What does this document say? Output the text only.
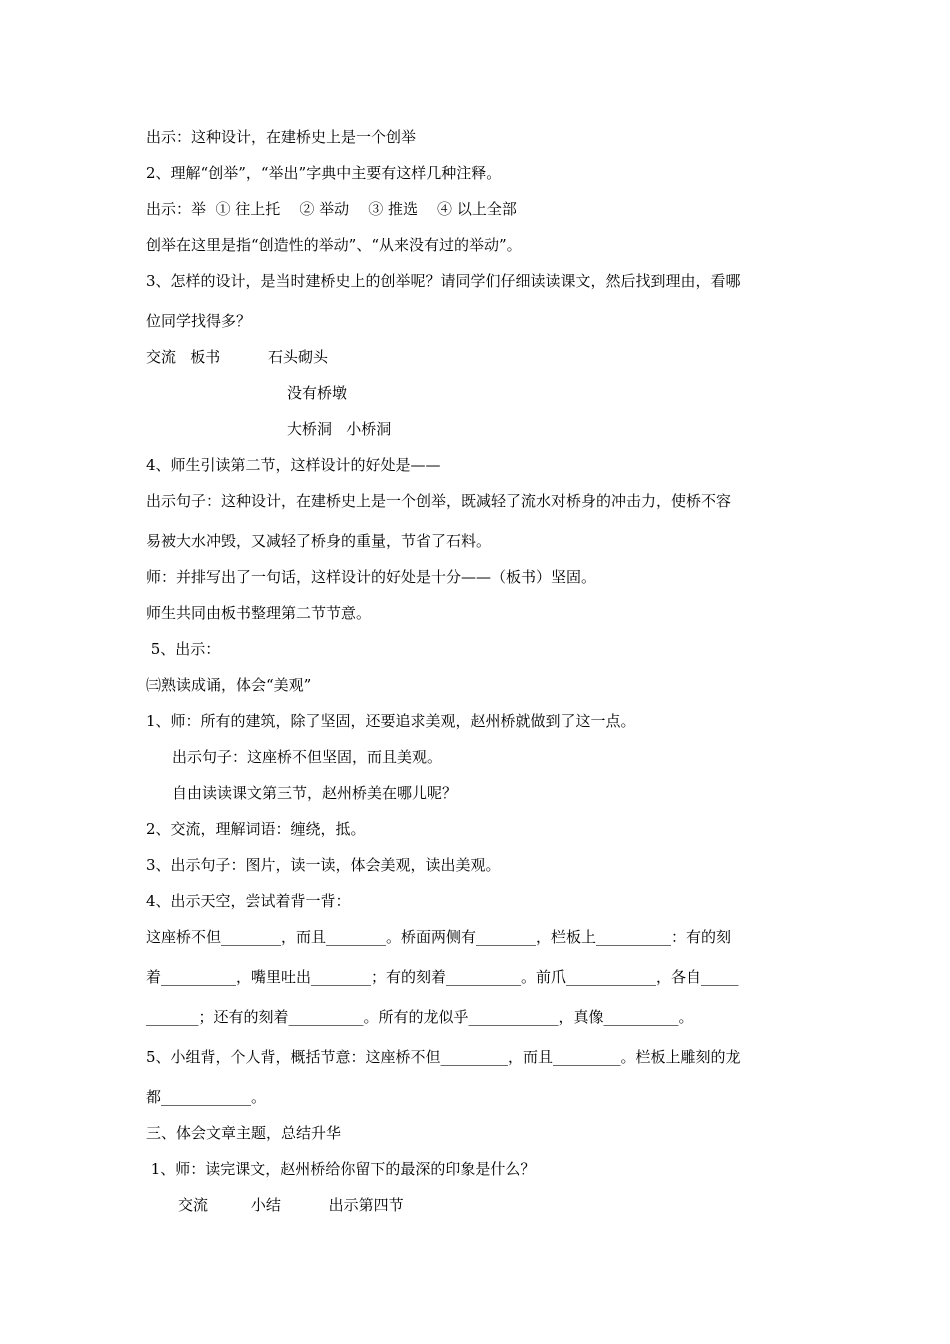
出示：这种设计，在建桥史上是一个创举
2、理解“创举”，“举出”字典中主要有这样几种注释。
出示：举  ① 往上托    ② 举动    ③ 推选    ④ 以上全部
创举在这里是指“创造性的举动”、“从来没有过的举动”。
3、怎样的设计，是当时建桥史上的创举呢？请同学们仔细读读课文，然后找到理由，看哪
位同学找得多？
交流   板书          石头砌头
没有桥墩
大桥洞   小桥洞
4、师生引读第二节，这样设计的好处是——
出示句子：这种设计，在建桥史上是一个创举，既减轻了流水对桥身的冲击力，使桥不容
易被大水冲毁，又减轻了桥身的重量，节省了石料。
师：并排写出了一句话，这样设计的好处是十分——（板书）坚固。
师生共同由板书整理第二节节意。
5、出示：
㈢熟读成诵，体会“美观”
1、师：所有的建筑，除了坚固，还要追求美观，赵州桥就做到了这一点。
出示句子：这座桥不但坚固，而且美观。
自由读读课文第三节，赵州桥美在哪儿呢？
2、交流，理解词语：缠绕，抵。
3、出示句子：图片，读一读，体会美观，读出美观。
4、出示天空，尝试着背一背：
这座桥不但________，而且________。桥面两侧有________，栏板上__________：有的刻
着__________，嘴里吐出________；有的刻着__________。前爪____________，各自_____
_______；还有的刻着__________。所有的龙似乎____________，真像__________。
5、小组背，个人背，概括节意：这座桥不但_________，而且_________。栏板上雕刻的龙
都____________。
三、体会文章主题，总结升华
1、师：读完课文，赵州桥给你留下的最深的印象是什么？
交流         小结          出示第四节
